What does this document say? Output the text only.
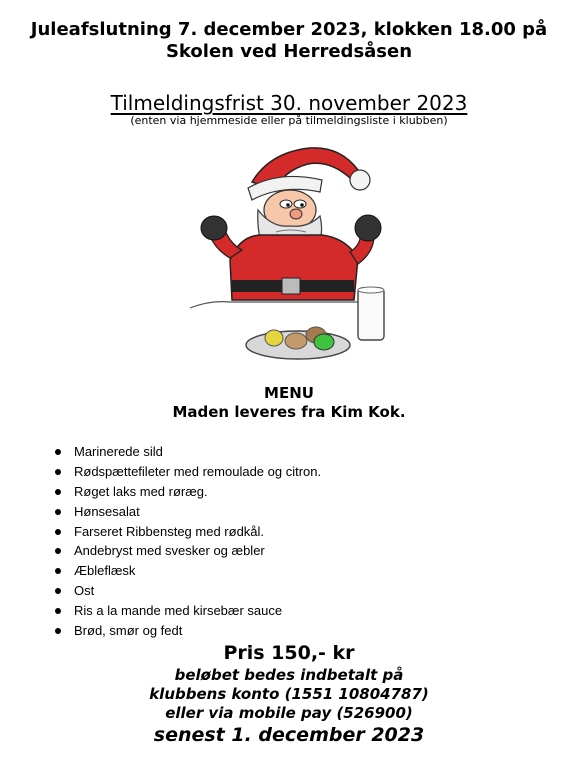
Juleafslutning 7. december 2023, klokken 18.00 på
Skolen ved Herredsåsen
Tilmeldingsfrist 30. november 2023
(enten via hjemmeside eller på tilmeldingsliste i klubben)
MENU
Maden leveres fra Kim Kok.
Marinerede sild
Rødspættefileter med remoulade og citron.
Røget laks med røræg.
Hønsesalat
Farseret Ribbensteg med rødkål.
Andebryst med svesker og æbler
Æbleflæsk
Ost
Ris a la mande med kirsebær sauce
Brød, smør og fedt
Pris 150,- kr
beløbet bedes indbetalt på
klubbens konto (1551 10804787)
eller via mobile pay (526900)
senest 1. december 2023
